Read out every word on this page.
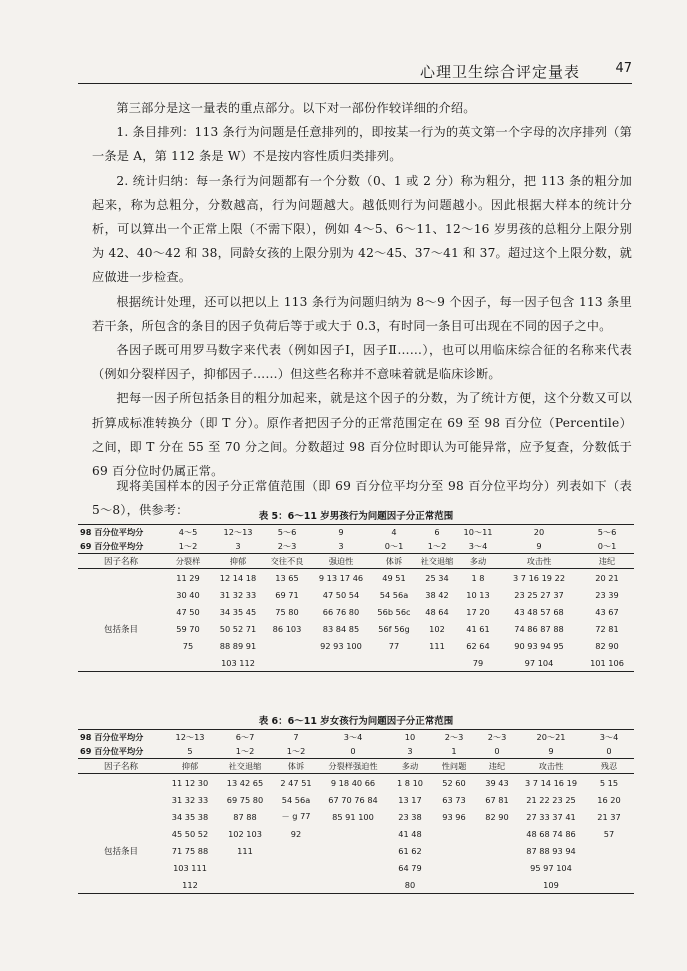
心理卫生综合评定量表	47

第三部分是这一量表的重点部分。以下对一部份作较详细的介绍。

1. 条目排列：113 条行为问题是任意排列的，即按某一行为的英文第一个字母的次序排列（第一条是 A，第 112 条是 W）不是按内容性质归类排列。

2. 统计归纳：每一条行为问题都有一个分数（0、1 或 2 分）称为粗分，把 113 条的粗分加起来，称为总粗分，分数越高，行为问题越大。越低则行为问题越小。因此根据大样本的统计分析，可以算出一个正常上限（不需下限），例如 4～5、6～11、12～16 岁男孩的总粗分上限分别为 42、40～42 和 38，同龄女孩的上限分别为 42～45、37～41 和 37。超过这个上限分数，就应做进一步检查。

根据统计处理，还可以把以上 113 条行为问题归纳为 8～9 个因子，每一因子包含 113 条里若干条，所包含的条目的因子负荷后等于或大于 0.3，有时同一条目可出现在不同的因子之中。

各因子既可用罗马数字来代表（例如因子Ⅰ，因子Ⅱ……），也可以用临床综合征的名称来代表（例如分裂样因子，抑郁因子……）但这些名称并不意味着就是临床诊断。

把每一因子所包括条目的粗分加起来，就是这个因子的分数，为了统计方便，这个分数又可以折算成标准转换分（即 T 分）。原作者把因子分的正常范围定在 69 至 98 百分位（Percentile）之间，即 T 分在 55 至 70 分之间。分数超过 98 百分位时即认为可能异常，应予复查，分数低于 69 百分位时仍属正常。

现将美国样本的因子分正常值范围（即 69 百分位平均分至 98 百分位平均分）列表如下（表 5～8），供参考：	表 5：6～11 岁男孩行为问题因子分正常范围
98 百分位平均分	4～5	12～13	5～6	9	4	6	10～11	20	5～6
69 百分位平均分	1～2	3	2～3	3	0～1	1～2	3～4	9	0～1
因子名称	分裂样	抑郁	交往不良	强迫性	体诉	社交退缩	多动	攻击性	违纪
	11 29	12 14 18	13 65	9 13 17 46	49 51	25 34	1 8	3 7 16 19 22	20 21
	30 40	31 32 33	69 71	47 50 54	54 56a	38 42	10 13	23 25 27 37	23 39
	47 50	34 35 45	75 80	66 76 80	56b 56c	48 64	17 20	43 48 57 68	43 67
包括条目	59 70	50 52 71	86 103	83 84 85	56f 56g	102	41 61	74 86 87 88	72 81
	75	88 89 91		92 93 100	77	111	62 64	90 93 94 95	82 90
		103 112					79	97 104	101 106
表 6：6～11 岁女孩行为问题因子分正常范围
98 百分位平均分	12～13	6～7	7	3～4	10	2～3	2～3	20～21	3～4
69 百分位平均分	5	1～2	1～2	0	3	1	0	9	0
因子名称	抑郁	社交退缩	体诉	分裂样强迫性	多动	性问题	违纪	攻击性	残忍
	11 12 30	13 42 65	2 47 51	9 18 40 66	1 8 10	52 60	39 43	3 7 14 16 19	5 15
	31 32 33	69 75 80	54 56a	67 70 76 84	13 17	63 73	67 81	21 22 23 25	16 20
	34 35 38	87 88	－ g 77	85 91 100	23 38	93 96	82 90	27 33 37 41	21 37
	45 50 52	102 103	92		41 48			48 68 74 86	57
包括条目	71 75 88	111			61 62			87 88 93 94	
	103 111				64 79			95 97 104	
	112				80			109	
